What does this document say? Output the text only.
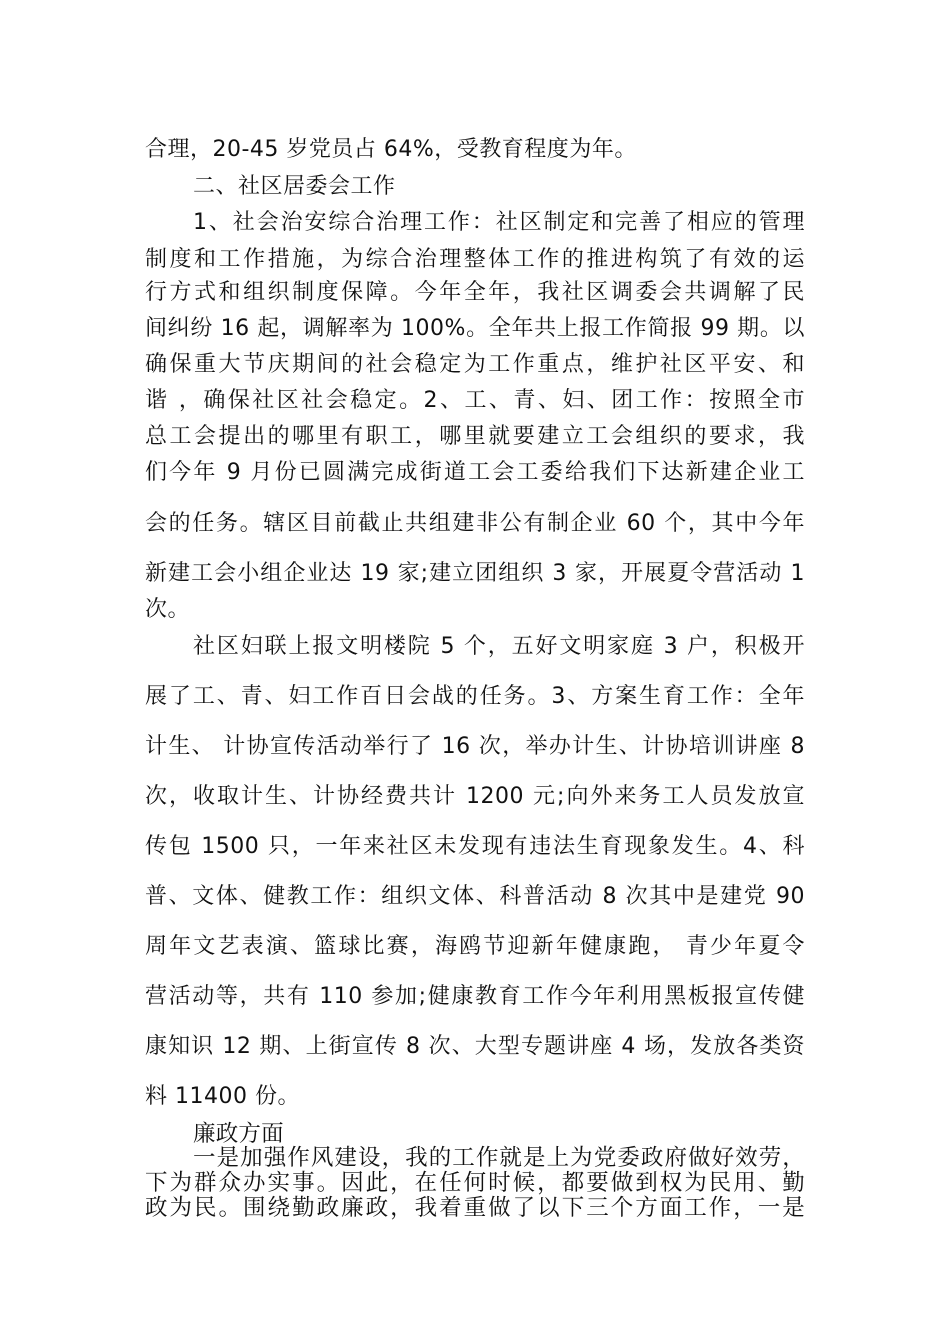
合理，20-45 岁党员占 64%，受教育程度为年。

二、社区居委会工作

1、社会治安综合治理工作：社区制定和完善了相应的管理

制度和工作措施，为综合治理整体工作的推进构筑了有效的运

行方式和组织制度保障。今年全年，我社区调委会共调解了民

间纠纷 16 起，调解率为 100%。全年共上报工作简报 99 期。以

确保重大节庆期间的社会稳定为工作重点，维护社区平安、和

谐 ，确保社区社会稳定。2、工、青、妇、团工作：按照全市

总工会提出的哪里有职工，哪里就要建立工会组织的要求，我

们今年 9 月份已圆满完成街道工会工委给我们下达新建企业工

会的任务。辖区目前截止共组建非公有制企业 60 个，其中今年

新建工会小组企业达 19 家;建立团组织 3 家，开展夏令营活动 1

次。

社区妇联上报文明楼院 5 个，五好文明家庭 3 户，积极开

展了工、青、妇工作百日会战的任务。3、方案生育工作：全年

计生、 计协宣传活动举行了 16 次，举办计生、计协培训讲座 8

次，收取计生、计协经费共计 1200 元;向外来务工人员发放宣

传包 1500 只，一年来社区未发现有违法生育现象发生。4、科

普、文体、健教工作：组织文体、科普活动 8 次其中是建党 90

周年文艺表演、篮球比赛，海鸥节迎新年健康跑， 青少年夏令

营活动等，共有 110 参加;健康教育工作今年利用黑板报宣传健

康知识 12 期、上街宣传 8 次、大型专题讲座 4 场，发放各类资

料 11400 份。

廉政方面

一是加强作风建设，我的工作就是上为党委政府做好效劳，

下为群众办实事。因此，在任何时候，都要做到权为民用、勤

政为民。围绕勤政廉政，我着重做了以下三个方面工作，一是
